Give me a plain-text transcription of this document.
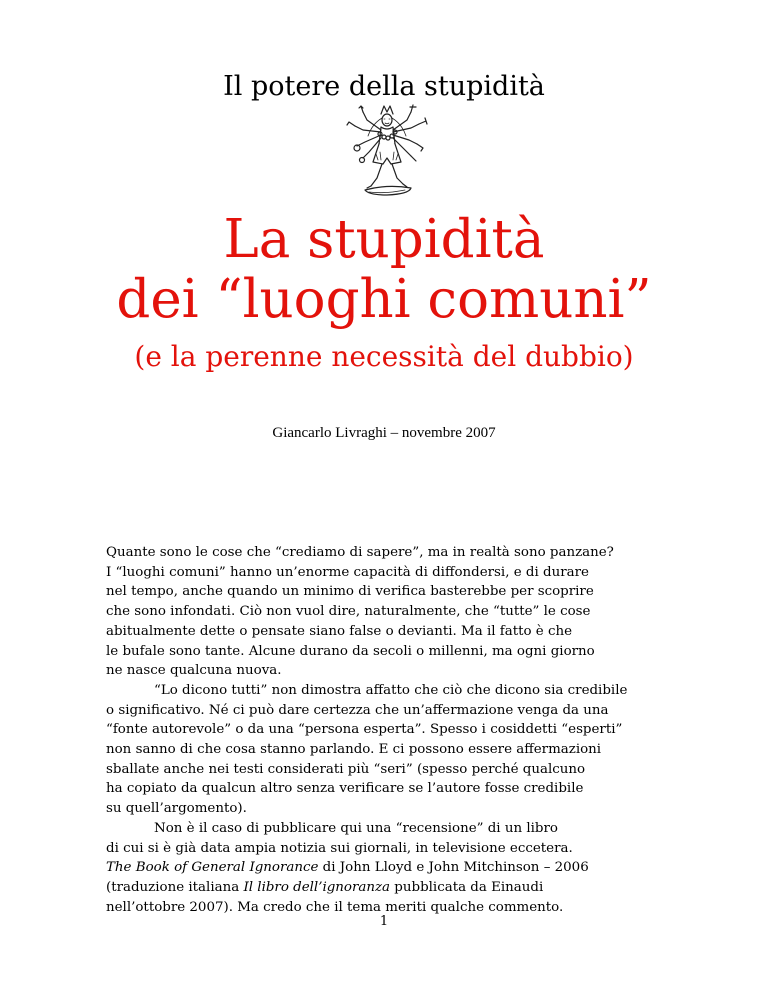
Il potere della stupidità
La stupidità
dei “luoghi comuni”
(e la perenne necessità del dubbio)
Giancarlo Livraghi – novembre 2007
Quante sono le cose che “crediamo di sapere”, ma in realtà sono panzane?
I “luoghi comuni” hanno un’enorme capacità di diffondersi, e di durare
nel tempo, anche quando un minimo di verifica basterebbe per scoprire
che sono infondati. Ciò non vuol dire, naturalmente, che “tutte” le cose
abitualmente dette o pensate siano false o devianti. Ma il fatto è che
le bufale sono tante. Alcune durano da secoli o millenni, ma ogni giorno
ne nasce qualcuna nuova.
“Lo dicono tutti” non dimostra affatto che ciò che dicono sia credibile
o significativo. Né ci può dare certezza che un’affermazione venga da una
“fonte autorevole” o da una “persona esperta”. Spesso i cosiddetti “esperti”
non sanno di che cosa stanno parlando. E ci possono essere affermazioni
sballate anche nei testi considerati più “seri” (spesso perché qualcuno
ha copiato da qualcun altro senza verificare se l’autore fosse credibile
su quell’argomento).
Non è il caso di pubblicare qui una “recensione” di un libro
di cui si è già data ampia notizia sui giornali, in televisione eccetera.
The Book of General Ignorance di John Lloyd e John Mitchinson – 2006
(traduzione italiana Il libro dell’ignoranza pubblicata da Einaudi
nell’ottobre 2007). Ma credo che il tema meriti qualche commento.
1
